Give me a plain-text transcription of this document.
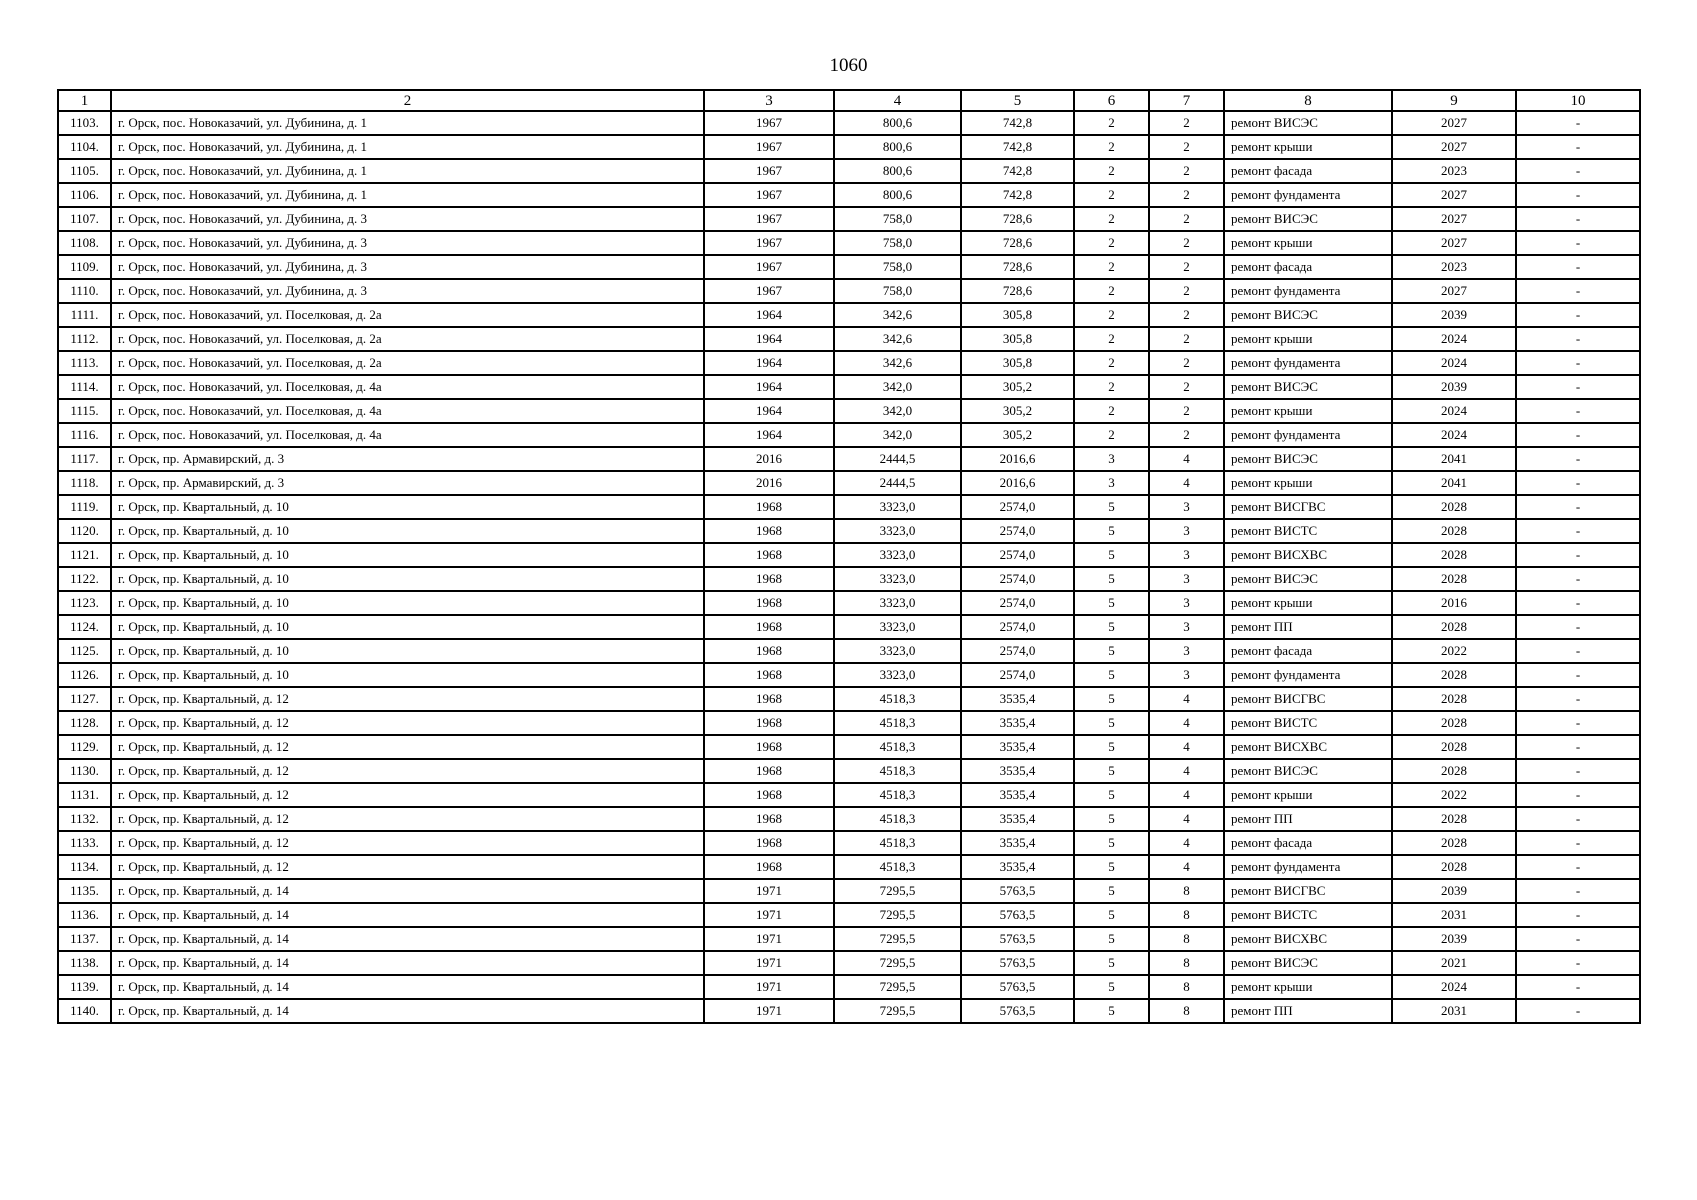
1060
1	2	3	4	5	6	7	8	9	10
1103.	г. Орск, пос. Новоказачий, ул. Дубинина, д. 1	1967	800,6	742,8	2	2	ремонт ВИСЭС	2027	-
1104.	г. Орск, пос. Новоказачий, ул. Дубинина, д. 1	1967	800,6	742,8	2	2	ремонт крыши	2027	-
1105.	г. Орск, пос. Новоказачий, ул. Дубинина, д. 1	1967	800,6	742,8	2	2	ремонт фасада	2023	-
1106.	г. Орск, пос. Новоказачий, ул. Дубинина, д. 1	1967	800,6	742,8	2	2	ремонт фундамента	2027	-
1107.	г. Орск, пос. Новоказачий, ул. Дубинина, д. 3	1967	758,0	728,6	2	2	ремонт ВИСЭС	2027	-
1108.	г. Орск, пос. Новоказачий, ул. Дубинина, д. 3	1967	758,0	728,6	2	2	ремонт крыши	2027	-
1109.	г. Орск, пос. Новоказачий, ул. Дубинина, д. 3	1967	758,0	728,6	2	2	ремонт фасада	2023	-
1110.	г. Орск, пос. Новоказачий, ул. Дубинина, д. 3	1967	758,0	728,6	2	2	ремонт фундамента	2027	-
1111.	г. Орск, пос. Новоказачий, ул. Поселковая, д. 2а	1964	342,6	305,8	2	2	ремонт ВИСЭС	2039	-
1112.	г. Орск, пос. Новоказачий, ул. Поселковая, д. 2а	1964	342,6	305,8	2	2	ремонт крыши	2024	-
1113.	г. Орск, пос. Новоказачий, ул. Поселковая, д. 2а	1964	342,6	305,8	2	2	ремонт фундамента	2024	-
1114.	г. Орск, пос. Новоказачий, ул. Поселковая, д. 4а	1964	342,0	305,2	2	2	ремонт ВИСЭС	2039	-
1115.	г. Орск, пос. Новоказачий, ул. Поселковая, д. 4а	1964	342,0	305,2	2	2	ремонт крыши	2024	-
1116.	г. Орск, пос. Новоказачий, ул. Поселковая, д. 4а	1964	342,0	305,2	2	2	ремонт фундамента	2024	-
1117.	г. Орск, пр. Армавирский, д. 3	2016	2444,5	2016,6	3	4	ремонт ВИСЭС	2041	-
1118.	г. Орск, пр. Армавирский, д. 3	2016	2444,5	2016,6	3	4	ремонт крыши	2041	-
1119.	г. Орск, пр. Квартальный, д. 10	1968	3323,0	2574,0	5	3	ремонт ВИСГВС	2028	-
1120.	г. Орск, пр. Квартальный, д. 10	1968	3323,0	2574,0	5	3	ремонт ВИСТС	2028	-
1121.	г. Орск, пр. Квартальный, д. 10	1968	3323,0	2574,0	5	3	ремонт ВИСХВС	2028	-
1122.	г. Орск, пр. Квартальный, д. 10	1968	3323,0	2574,0	5	3	ремонт ВИСЭС	2028	-
1123.	г. Орск, пр. Квартальный, д. 10	1968	3323,0	2574,0	5	3	ремонт крыши	2016	-
1124.	г. Орск, пр. Квартальный, д. 10	1968	3323,0	2574,0	5	3	ремонт ПП	2028	-
1125.	г. Орск, пр. Квартальный, д. 10	1968	3323,0	2574,0	5	3	ремонт фасада	2022	-
1126.	г. Орск, пр. Квартальный, д. 10	1968	3323,0	2574,0	5	3	ремонт фундамента	2028	-
1127.	г. Орск, пр. Квартальный, д. 12	1968	4518,3	3535,4	5	4	ремонт ВИСГВС	2028	-
1128.	г. Орск, пр. Квартальный, д. 12	1968	4518,3	3535,4	5	4	ремонт ВИСТС	2028	-
1129.	г. Орск, пр. Квартальный, д. 12	1968	4518,3	3535,4	5	4	ремонт ВИСХВС	2028	-
1130.	г. Орск, пр. Квартальный, д. 12	1968	4518,3	3535,4	5	4	ремонт ВИСЭС	2028	-
1131.	г. Орск, пр. Квартальный, д. 12	1968	4518,3	3535,4	5	4	ремонт крыши	2022	-
1132.	г. Орск, пр. Квартальный, д. 12	1968	4518,3	3535,4	5	4	ремонт ПП	2028	-
1133.	г. Орск, пр. Квартальный, д. 12	1968	4518,3	3535,4	5	4	ремонт фасада	2028	-
1134.	г. Орск, пр. Квартальный, д. 12	1968	4518,3	3535,4	5	4	ремонт фундамента	2028	-
1135.	г. Орск, пр. Квартальный, д. 14	1971	7295,5	5763,5	5	8	ремонт ВИСГВС	2039	-
1136.	г. Орск, пр. Квартальный, д. 14	1971	7295,5	5763,5	5	8	ремонт ВИСТС	2031	-
1137.	г. Орск, пр. Квартальный, д. 14	1971	7295,5	5763,5	5	8	ремонт ВИСХВС	2039	-
1138.	г. Орск, пр. Квартальный, д. 14	1971	7295,5	5763,5	5	8	ремонт ВИСЭС	2021	-
1139.	г. Орск, пр. Квартальный, д. 14	1971	7295,5	5763,5	5	8	ремонт крыши	2024	-
1140.	г. Орск, пр. Квартальный, д. 14	1971	7295,5	5763,5	5	8	ремонт ПП	2031	-
